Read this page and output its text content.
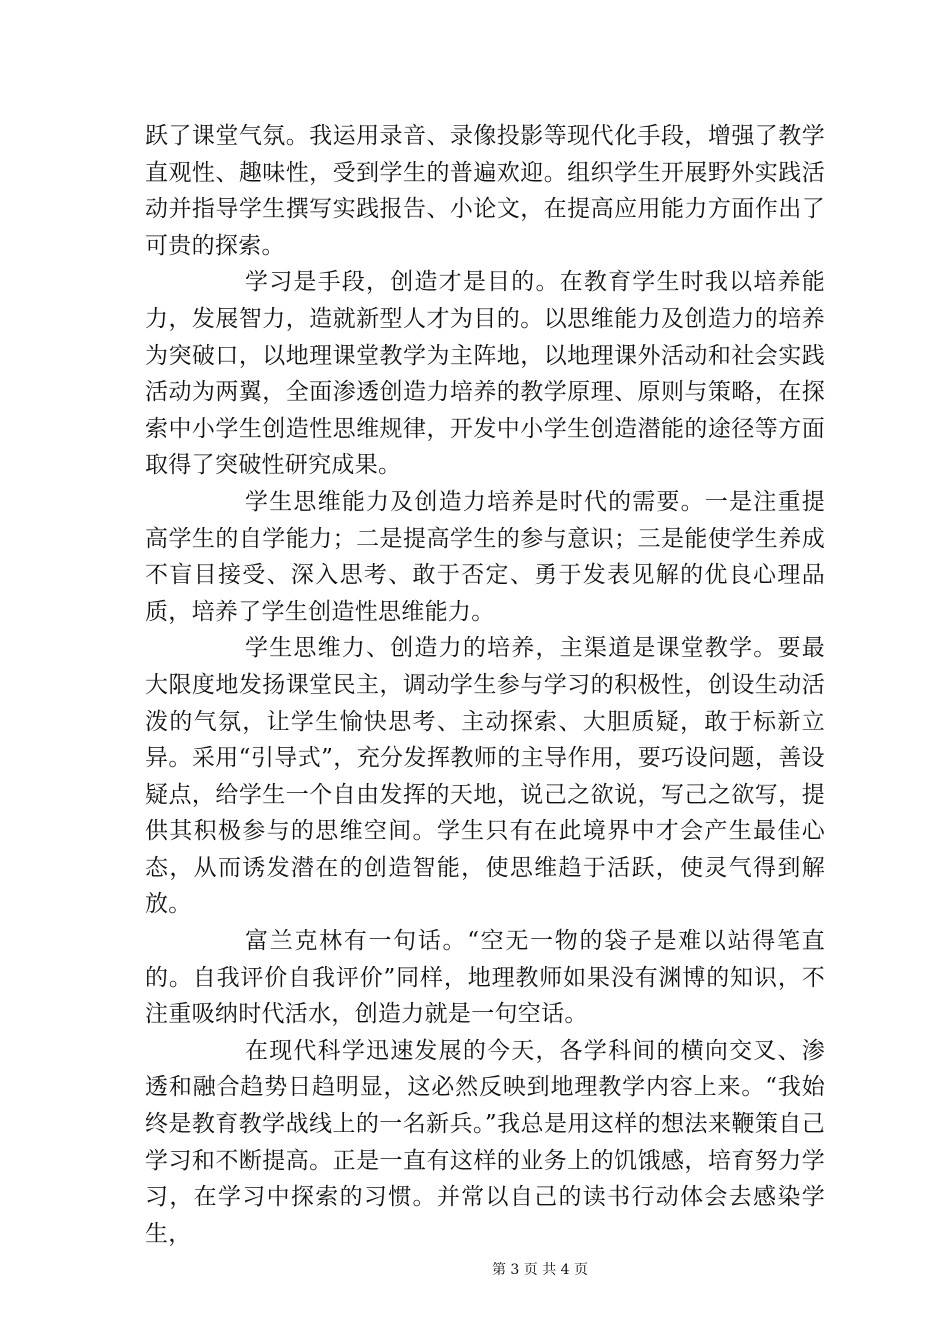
跃了课堂气氛。我运用录音、录像投影等现代化手段，增强了教学直观性、趣味性，受到学生的普遍欢迎。组织学生开展野外实践活动并指导学生撰写实践报告、小论文，在提高应用能力方面作出了可贵的探索。

学习是手段，创造才是目的。在教育学生时我以培养能力，发展智力，造就新型人才为目的。以思维能力及创造力的培养为突破口，以地理课堂教学为主阵地，以地理课外活动和社会实践活动为两翼，全面渗透创造力培养的教学原理、原则与策略，在探索中小学生创造性思维规律，开发中小学生创造潜能的途径等方面取得了突破性研究成果。

学生思维能力及创造力培养是时代的需要。一是注重提高学生的自学能力；二是提高学生的参与意识；三是能使学生养成不盲目接受、深入思考、敢于否定、勇于发表见解的优良心理品质，培养了学生创造性思维能力。

学生思维力、创造力的培养，主渠道是课堂教学。要最大限度地发扬课堂民主，调动学生参与学习的积极性，创设生动活泼的气氛，让学生愉快思考、主动探索、大胆质疑，敢于标新立异。采用“引导式”，充分发挥教师的主导作用，要巧设问题，善设疑点，给学生一个自由发挥的天地，说己之欲说，写己之欲写，提供其积极参与的思维空间。学生只有在此境界中才会产生最佳心态，从而诱发潜在的创造智能，使思维趋于活跃，使灵气得到解放。

富兰克林有一句话。“空无一物的袋子是难以站得笔直的。自我评价自我评价”同样，地理教师如果没有渊博的知识，不注重吸纳时代活水，创造力就是一句空话。

在现代科学迅速发展的今天，各学科间的横向交叉、渗透和融合趋势日趋明显，这必然反映到地理教学内容上来。“我始终是教育教学战线上的一名新兵。”我总是用这样的想法来鞭策自己学习和不断提高。正是一直有这样的业务上的饥饿感，培育努力学习，在学习中探索的习惯。并常以自己的读书行动体会去感染学生，

第 3 页 共 4 页
